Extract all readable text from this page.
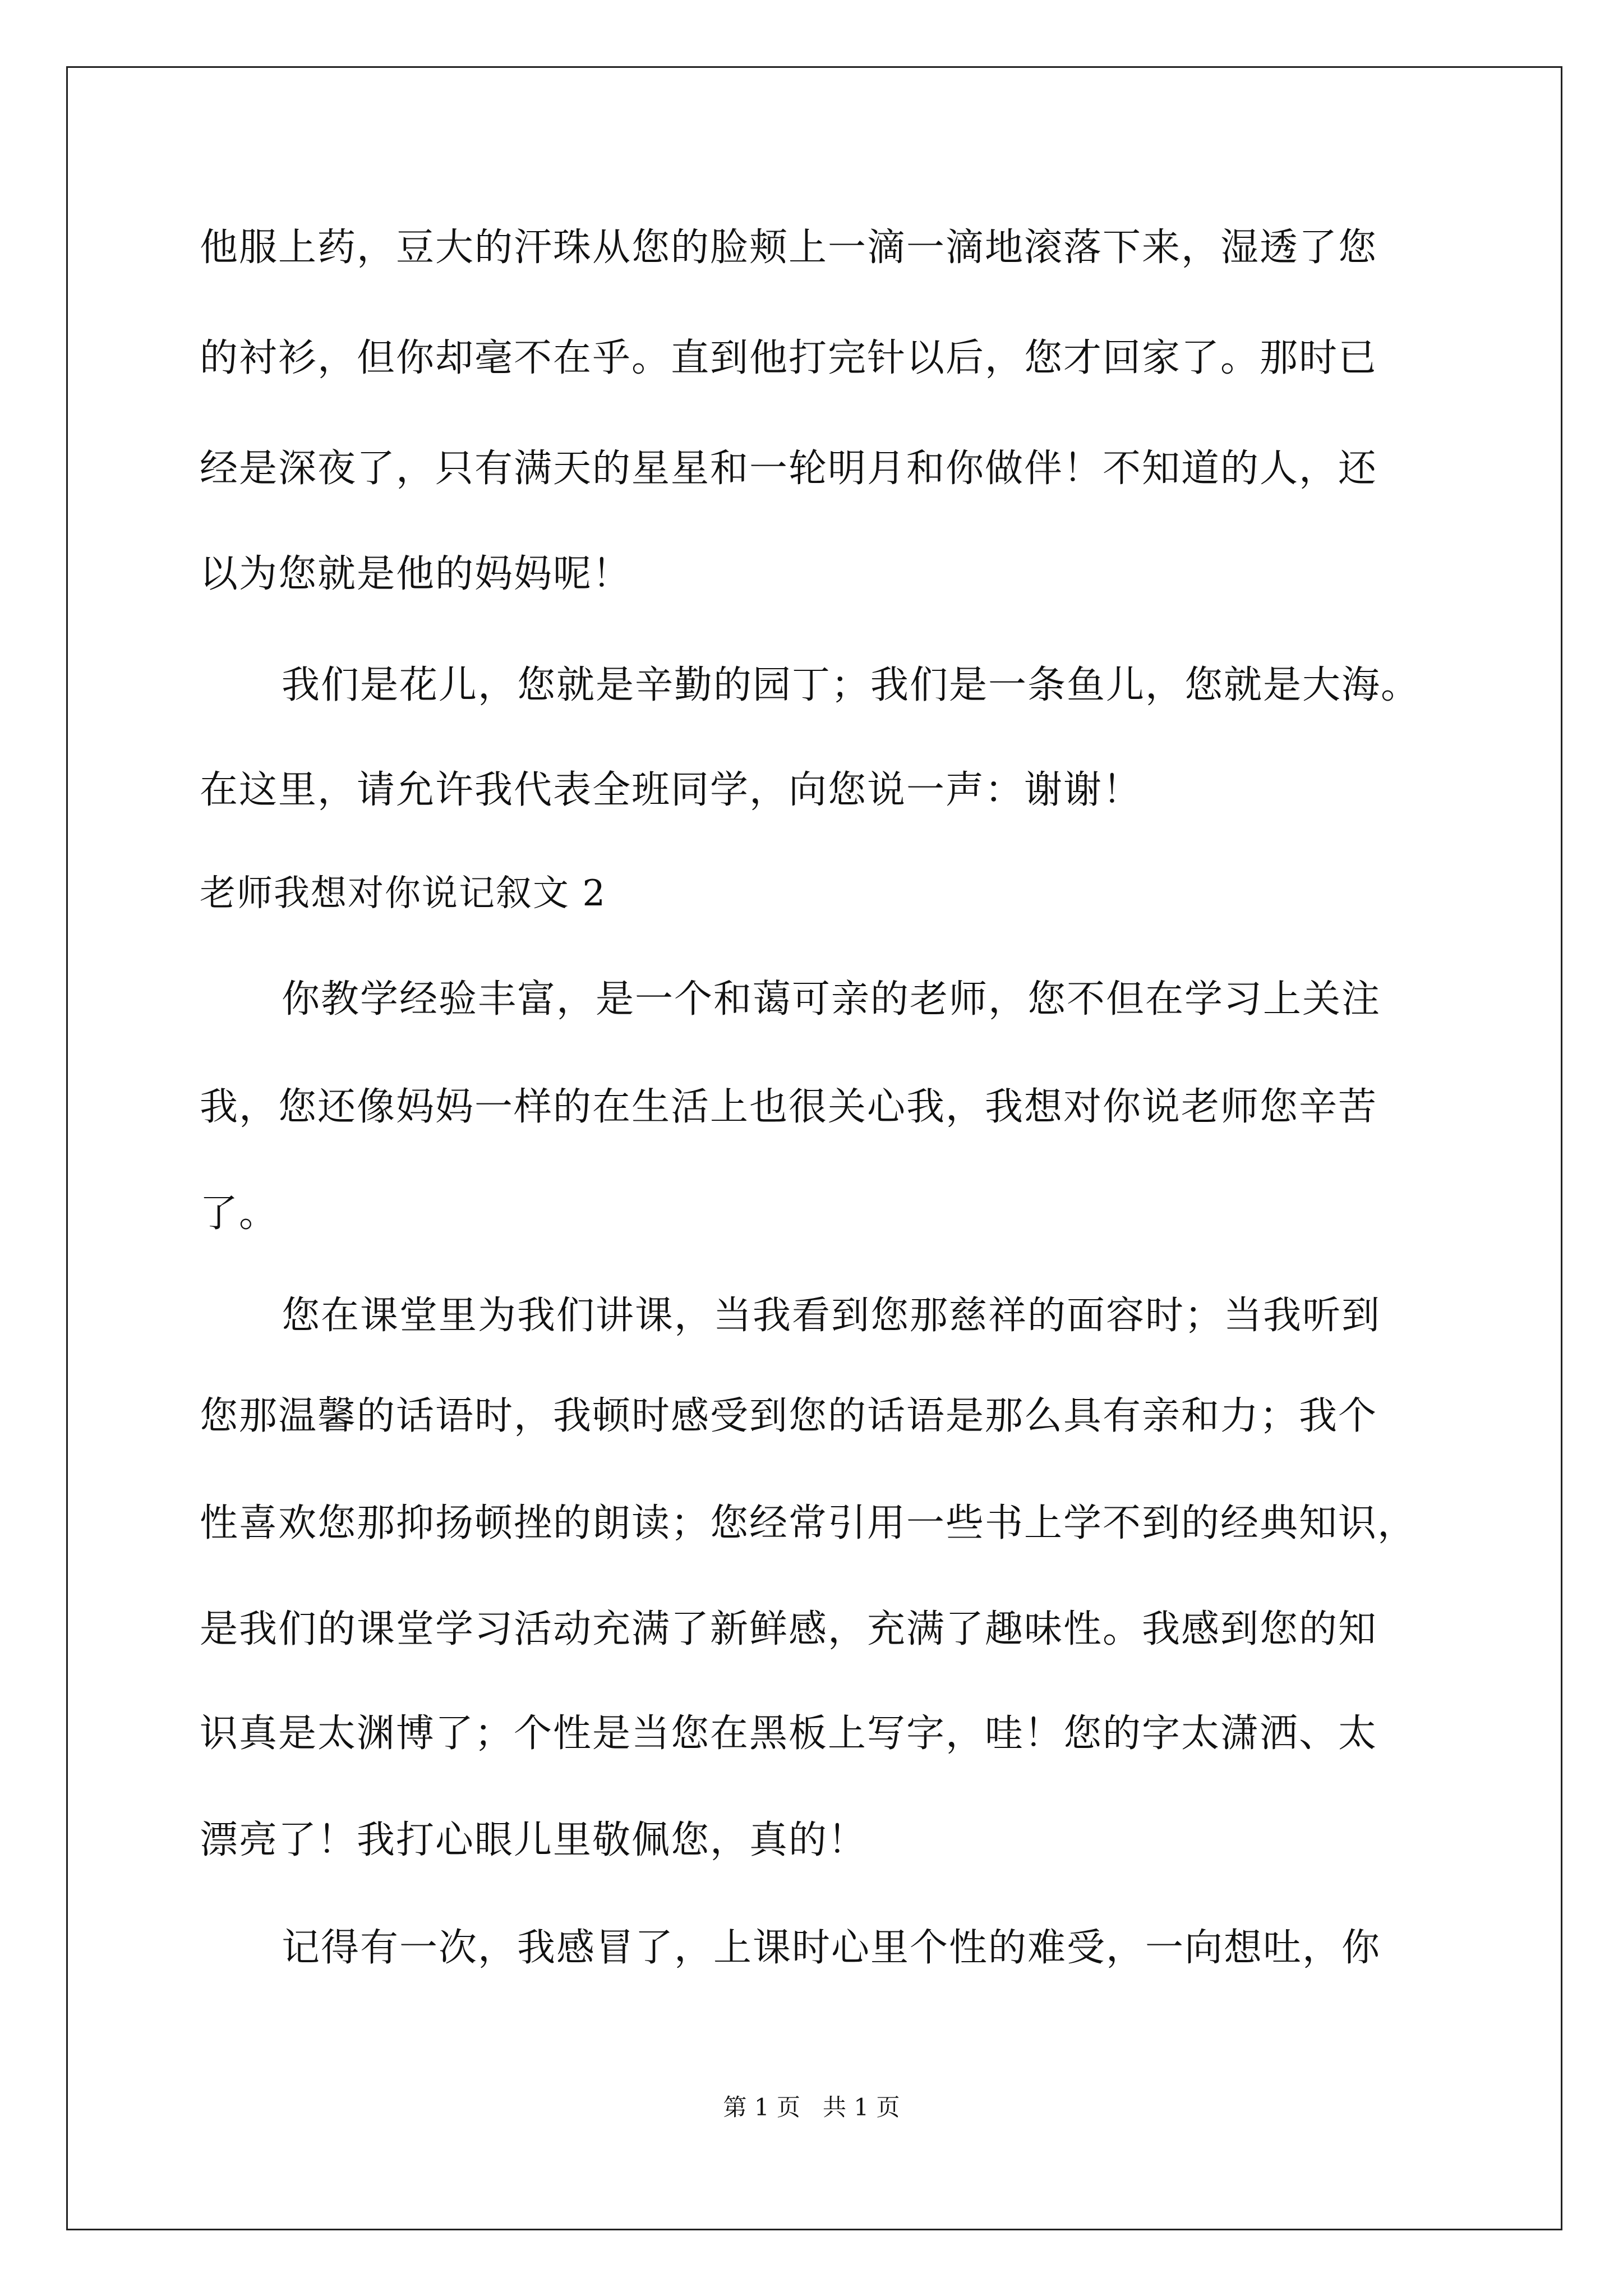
他服上药，豆大的汗珠从您的脸颊上一滴一滴地滚落下来，湿透了您
的衬衫，但你却毫不在乎。直到他打完针以后，您才回家了。那时已
经是深夜了，只有满天的星星和一轮明月和你做伴！不知道的人，还
以为您就是他的妈妈呢！
我们是花儿，您就是辛勤的园丁；我们是一条鱼儿，您就是大海。
在这里，请允许我代表全班同学，向您说一声：谢谢！
老师我想对你说记叙文 2
你教学经验丰富，是一个和蔼可亲的老师，您不但在学习上关注
我，您还像妈妈一样的在生活上也很关心我，我想对你说老师您辛苦
了。
您在课堂里为我们讲课，当我看到您那慈祥的面容时；当我听到
您那温馨的话语时，我顿时感受到您的话语是那么具有亲和力；我个
性喜欢您那抑扬顿挫的朗读；您经常引用一些书上学不到的经典知识，
是我们的课堂学习活动充满了新鲜感，充满了趣味性。我感到您的知
识真是太渊博了；个性是当您在黑板上写字，哇！您的字太潇洒、太
漂亮了！我打心眼儿里敬佩您，真的！
记得有一次，我感冒了，上课时心里个性的难受，一向想吐，你
第 1 页   共 1 页
